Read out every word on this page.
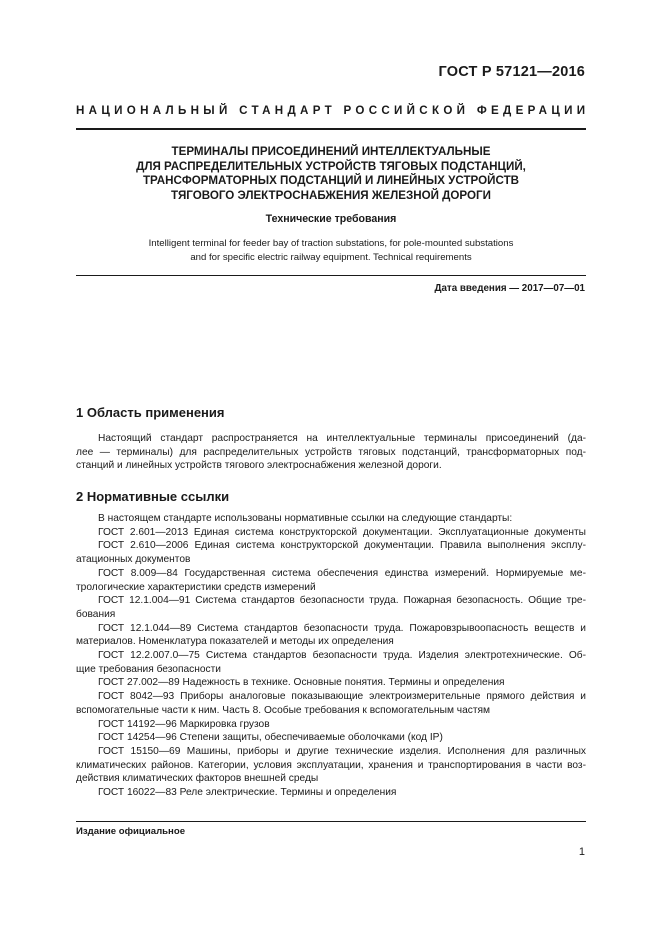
ГОСТ Р 57121—2016
НАЦИОНАЛЬНЫЙ СТАНДАРТ РОССИЙСКОЙ ФЕДЕРАЦИИ
ТЕРМИНАЛЫ ПРИСОЕДИНЕНИЙ ИНТЕЛЛЕКТУАЛЬНЫЕ
ДЛЯ РАСПРЕДЕЛИТЕЛЬНЫХ УСТРОЙСТВ ТЯГОВЫХ ПОДСТАНЦИЙ,
ТРАНСФОРМАТОРНЫХ ПОДСТАНЦИЙ И ЛИНЕЙНЫХ УСТРОЙСТВ
ТЯГОВОГО ЭЛЕКТРОСНАБЖЕНИЯ ЖЕЛЕЗНОЙ ДОРОГИ
Технические требования
Intelligent terminal for feeder bay of traction substations, for pole-mounted substations
and for specific electric railway equipment. Technical requirements
Дата введения — 2017—07—01
1 Область применения
Настоящий стандарт распространяется на интеллектуальные терминалы присоединений (да-
лее — терминалы) для распределительных устройств тяговых подстанций, трансформаторных под-
станций и линейных устройств тягового электроснабжения железной дороги.
2 Нормативные ссылки
В настоящем стандарте использованы нормативные ссылки на следующие стандарты:
ГОСТ 2.601—2013 Единая система конструкторской документации. Эксплуатационные документы
ГОСТ 2.610—2006 Единая система конструкторской документации. Правила выполнения эксплу-
атационных документов
ГОСТ 8.009—84 Государственная система обеспечения единства измерений. Нормируемые ме-
трологические характеристики средств измерений
ГОСТ 12.1.004—91 Система стандартов безопасности труда. Пожарная безопасность. Общие тре-
бования
ГОСТ 12.1.044—89 Система стандартов безопасности труда. Пожаровзрывоопасность веществ и
материалов. Номенклатура показателей и методы их определения
ГОСТ 12.2.007.0—75 Система стандартов безопасности труда. Изделия электротехнические. Об-
щие требования безопасности
ГОСТ 27.002—89 Надежность в технике. Основные понятия. Термины и определения
ГОСТ 8042—93 Приборы аналоговые показывающие электроизмерительные прямого действия и
вспомогательные части к ним. Часть 8. Особые требования к вспомогательным частям
ГОСТ 14192—96 Маркировка грузов
ГОСТ 14254—96 Степени защиты, обеспечиваемые оболочками (код IP)
ГОСТ 15150—69 Машины, приборы и другие технические изделия. Исполнения для различных
климатических районов. Категории, условия эксплуатации, хранения и транспортирования в части воз-
действия климатических факторов внешней среды
ГОСТ 16022—83 Реле электрические. Термины и определения
Издание официальное
1
